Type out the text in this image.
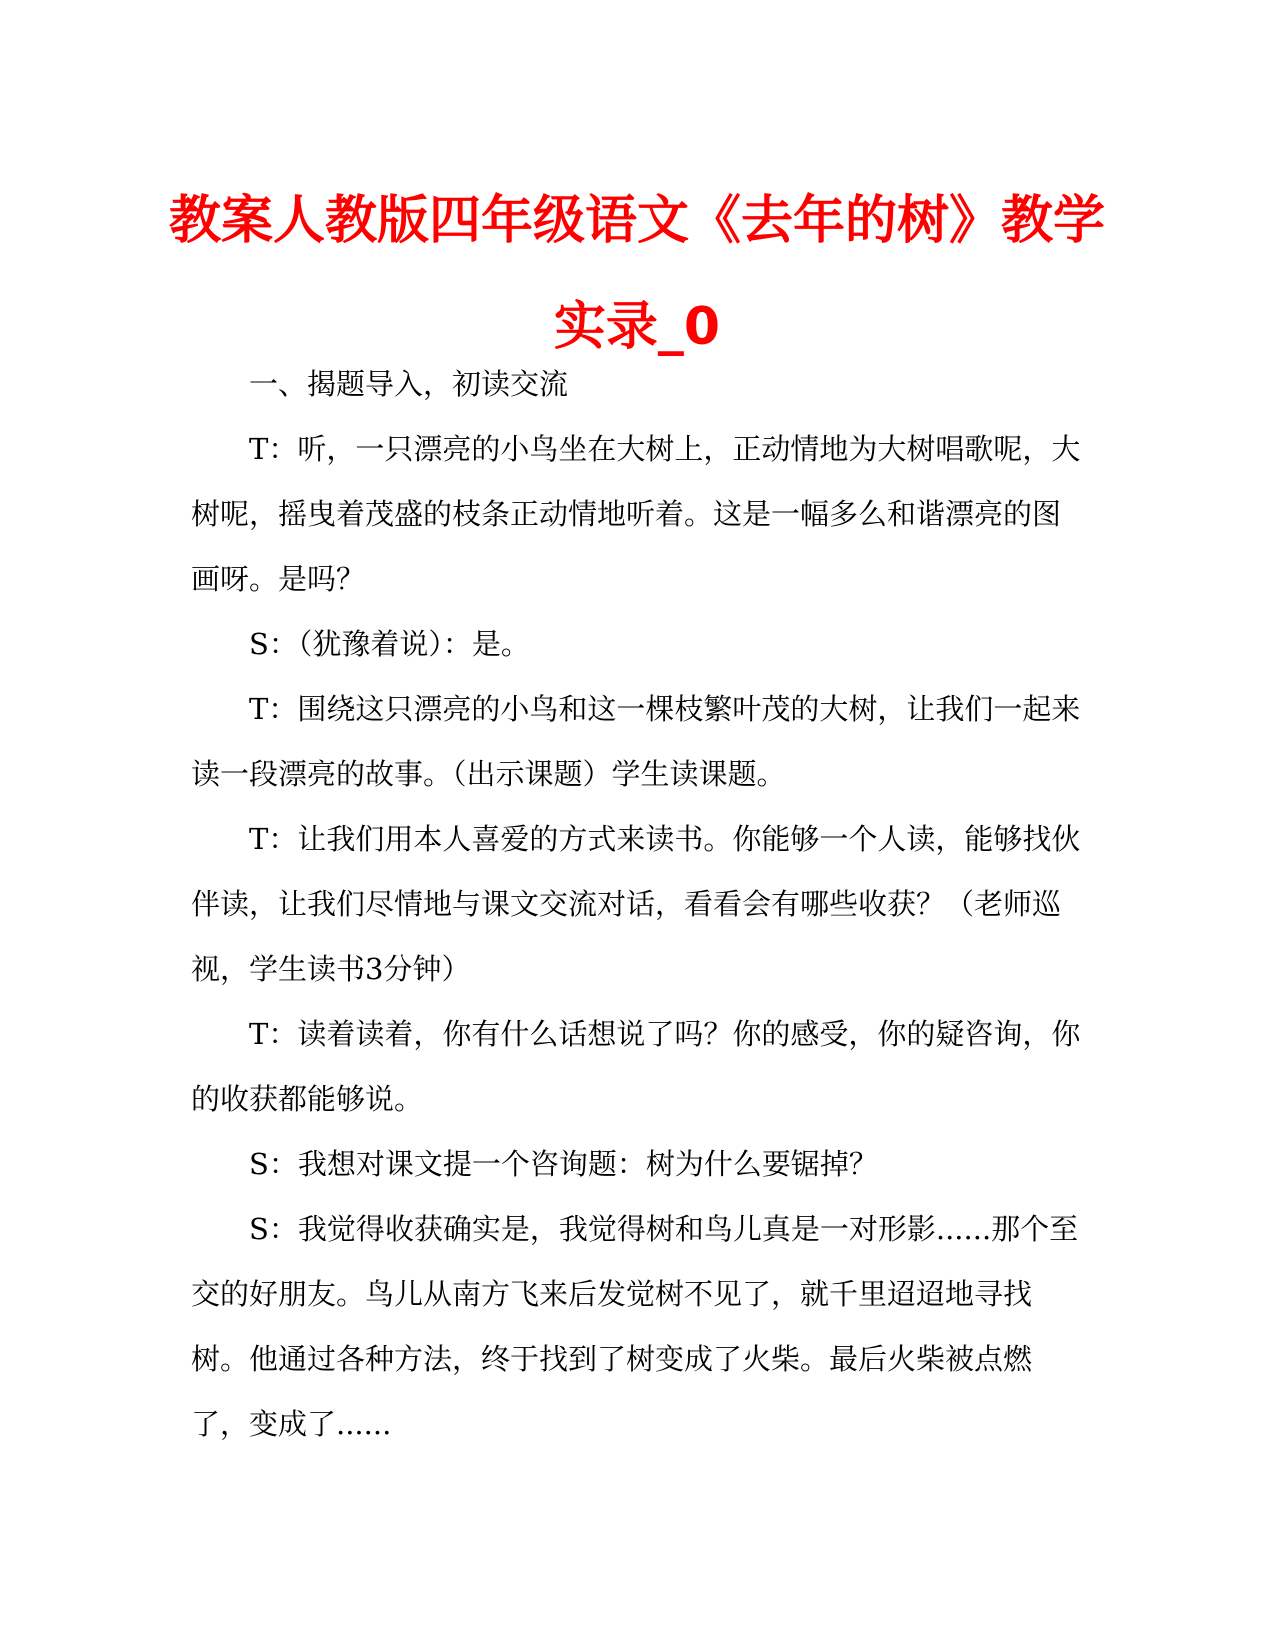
教案人教版四年级语文《去年的树》教学实录_0

一、揭题导入，初读交流

T：听，一只漂亮的小鸟坐在大树上，正动情地为大树唱歌呢，大树呢，摇曳着茂盛的枝条正动情地听着。这是一幅多么和谐漂亮的图画呀。是吗？

S：（犹豫着说）：是。

T：围绕这只漂亮的小鸟和这一棵枝繁叶茂的大树，让我们一起来读一段漂亮的故事。（出示课题）学生读课题。

T：让我们用本人喜爱的方式来读书。你能够一个人读，能够找伙伴读，让我们尽情地与课文交流对话，看看会有哪些收获？（老师巡视，学生读书3分钟）

T：读着读着，你有什么话想说了吗？你的感受，你的疑咨询，你的收获都能够说。

S：我想对课文提一个咨询题：树为什么要锯掉？

S：我觉得收获确实是，我觉得树和鸟儿真是一对形影......那个至交的好朋友。鸟儿从南方飞来后发觉树不见了，就千里迢迢地寻找树。他通过各种方法，终于找到了树变成了火柴。最后火柴被点燃了，变成了......
